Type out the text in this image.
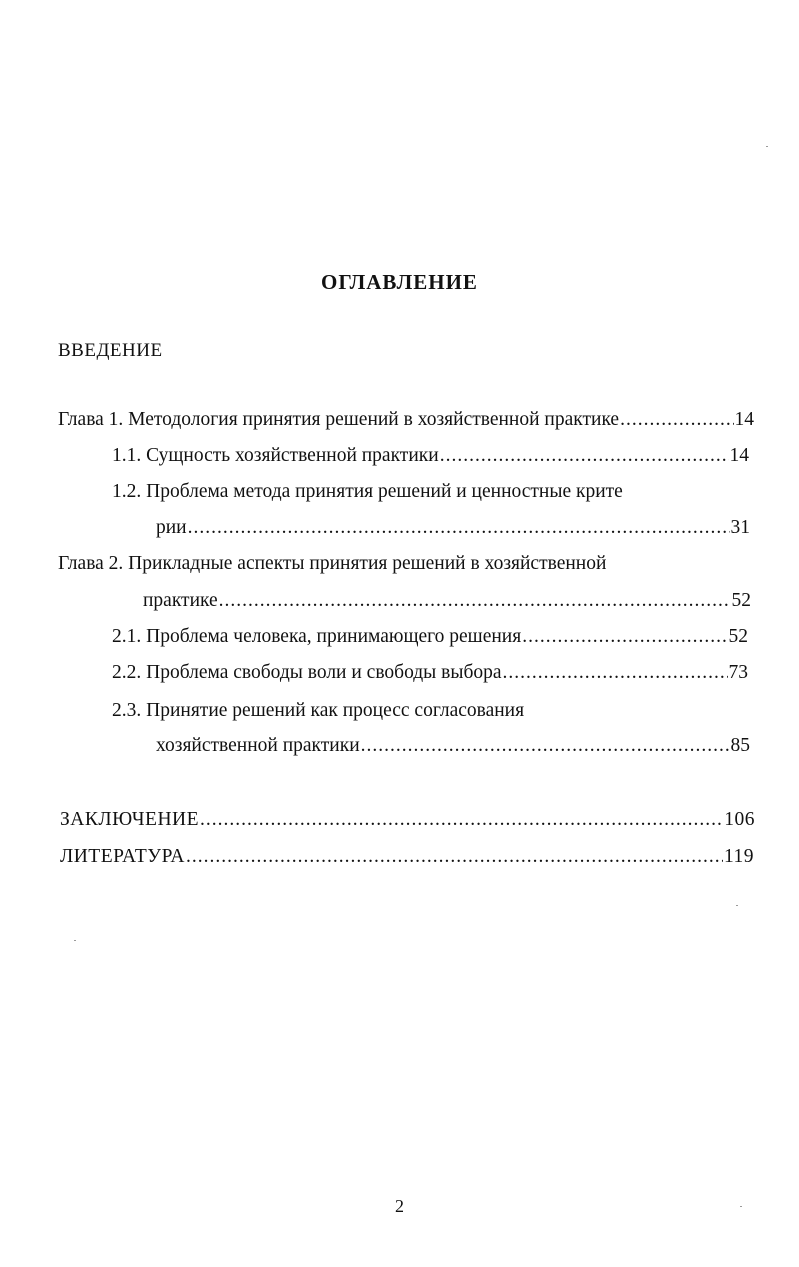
ОГЛАВЛЕНИЕ
ВВЕДЕНИЕ
Глава 1. Методология принятия решений в хозяйственной практике .....	14
1.1. Сущность хозяйственной практики .....	14
1.2. Проблема метода принятия решений и ценностные крите
рии .....	31
Глава 2. Прикладные аспекты принятия решений в хозяйственной
практике .....	52
2.1. Проблема человека, принимающего решения .....	52
2.2. Проблема свободы воли и свободы выбора .....	73
2.3. Принятие решений как процесс согласования
хозяйственной практики .....	85
ЗАКЛЮЧЕНИЕ .....	106
ЛИТЕРАТУРА .....	119
2
